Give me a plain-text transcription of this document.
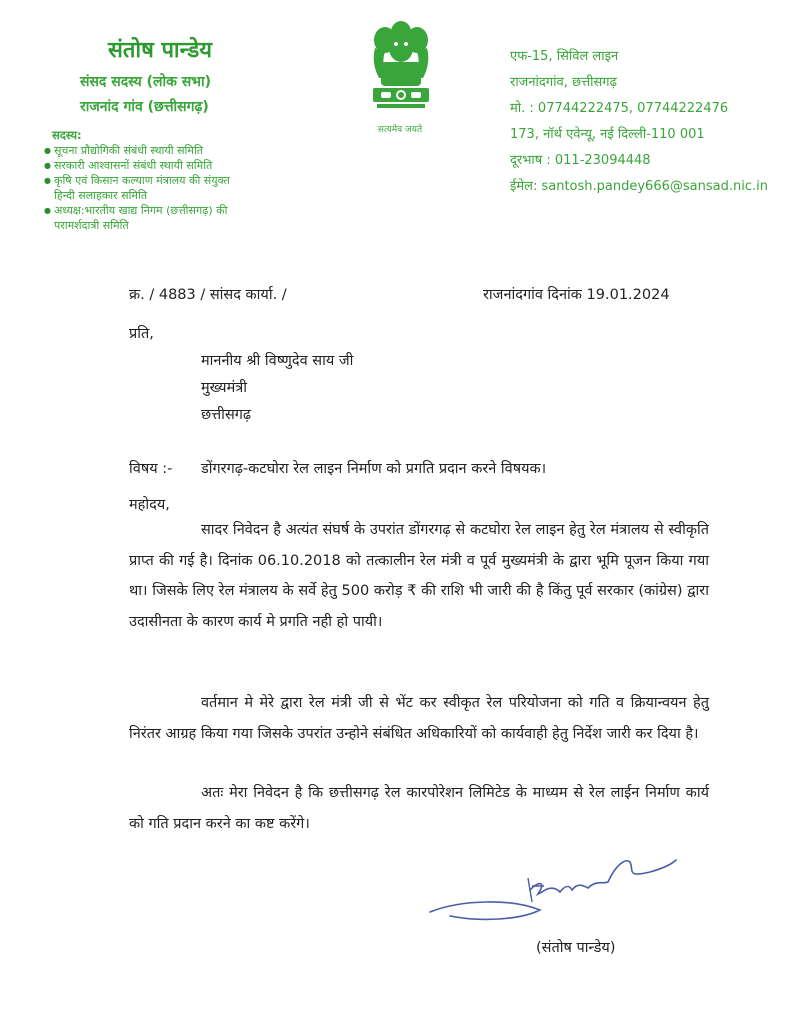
संतोष पान्डेय
संसद सदस्य (लोक सभा)
राजनांद गांव (छत्तीसगढ़)
सदस्य:
● सूचना प्रौद्योगिकी संबंधी स्थायी समिति
● सरकारी आश्वासनों संबंधी स्थायी समिति
● कृषि एवं किसान कल्याण मंत्रालय की संयुक्त
हिन्दी सलाहकार समिति
● अध्यक्ष:भारतीय खाद्य निगम (छत्तीसगढ़) की
परामर्शदात्री समिति
सत्यमेव जयते
एफ-15, सिविल लाइन
राजनांदगांव, छत्तीसगढ़
मो. : 07744222475, 07744222476
173, नॉर्थ एवेन्यू, नई दिल्ली-110 001
दूरभाष : 011-23094448
ईमेल: santosh.pandey666@sansad.nic.in
क्र. / 4883 / सांसद कार्या. /	राजनांदगांव दिनांक 19.01.2024
प्रति,
माननीय श्री विष्णुदेव साय जी
मुख्यमंत्री
छत्तीसगढ़
विषय :- डोंगरगढ़-कटघोरा रेल लाइन निर्माण को प्रगति प्रदान करने विषयक।
महोदय,
सादर निवेदन है अत्यंत संघर्ष के उपरांत डोंगरगढ़ से कटघोरा रेल लाइन हेतु रेल मंत्रालय से स्वीकृति प्राप्त की गई है। दिनांक 06.10.2018 को तत्कालीन रेल मंत्री व पूर्व मुख्यमंत्री के द्वारा भूमि पूजन किया गया था। जिसके लिए रेल मंत्रालय के सर्वे हेतु 500 करोड़ ₹ की राशि भी जारी की है किंतु पूर्व सरकार (कांग्रेस) द्वारा उदासीनता के कारण कार्य मे प्रगति नही हो पायी।
वर्तमान मे मेरे द्वारा रेल मंत्री जी से भेंट कर स्वीकृत रेल परियोजना को गति व क्रियान्वयन हेतु निरंतर आग्रह किया गया जिसके उपरांत उन्होने संबंधित अधिकारियों को कार्यवाही हेतु निर्देश जारी कर दिया है।
अतः मेरा निवेदन है कि छत्तीसगढ़ रेल कारपोरेशन लिमिटेड के माध्यम से रेल लाईन निर्माण कार्य को गति प्रदान करने का कष्ट करेंगे।
(संतोष पान्डेय)
